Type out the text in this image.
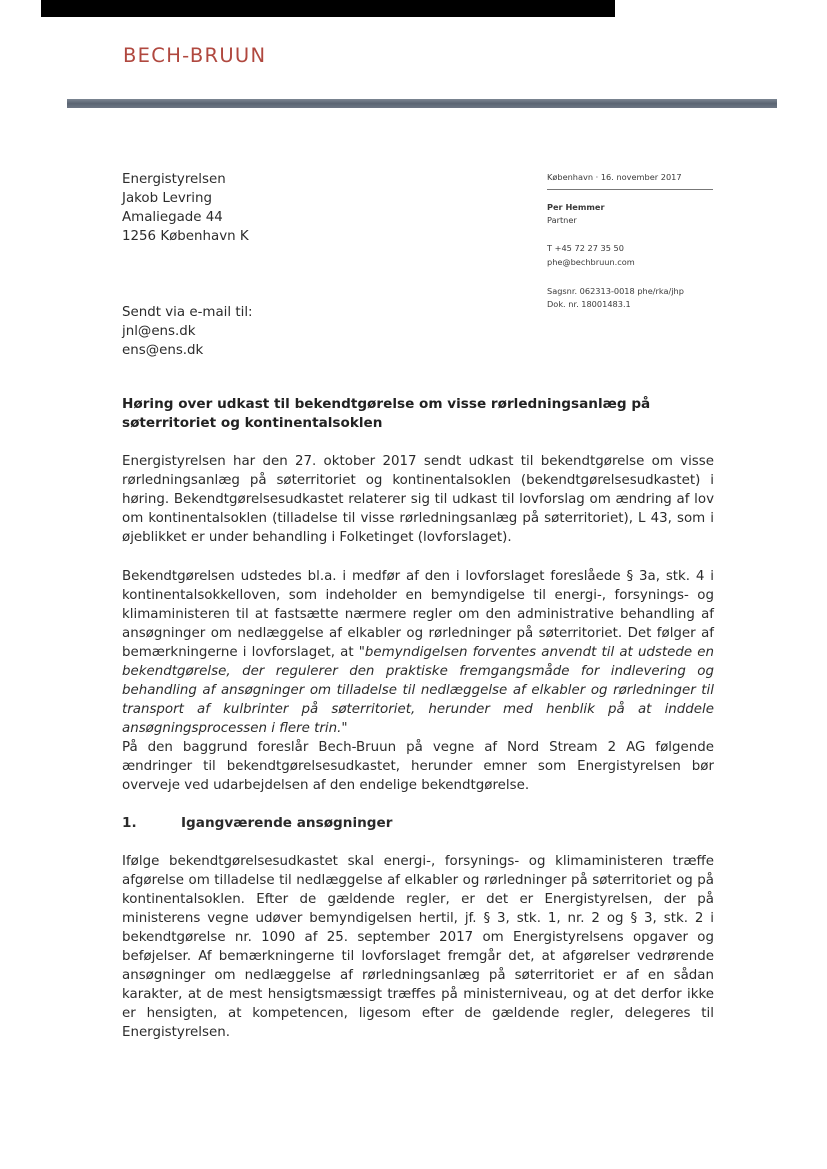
BECH-BRUUN
Energistyrelsen
Jakob Levring
Amaliegade 44
1256 København K
København · 16. november 2017
Per Hemmer
Partner
T +45 72 27 35 50
phe@bechbruun.com
Sagsnr. 062313-0018 phe/rka/jhp
Dok. nr. 18001483.1
Sendt via e-mail til:
jnl@ens.dk
ens@ens.dk
Høring over udkast til bekendtgørelse om visse rørledningsanlæg på søterritoriet og kontinentalsoklen

Energistyrelsen har den 27. oktober 2017 sendt udkast til bekendtgørelse om visse rørledningsanlæg på søterritoriet og kontinentalsoklen (bekendtgørelsesudkastet) i høring. Bekendtgørelsesudkastet relaterer sig til udkast til lovforslag om ændring af lov om kontinentalsoklen (tilladelse til visse rørledningsanlæg på søterritoriet), L 43, som i øjeblikket er under behandling i Folketinget (lovforslaget).

Bekendtgørelsen udstedes bl.a. i medfør af den i lovforslaget foreslåede § 3a, stk. 4 i kontinentalsokkelloven, som indeholder en bemyndigelse til energi-, forsynings- og klimaministeren til at fastsætte nærmere regler om den administrative behandling af ansøgninger om nedlæggelse af elkabler og rørledninger på søterritoriet. Det følger af bemærkningerne i lovforslaget, at "bemyndigelsen forventes anvendt til at udstede en bekendtgørelse, der regulerer den praktiske fremgangsmåde for indlevering og behandling af ansøgninger om tilladelse til nedlæggelse af elkabler og rørledninger til transport af kulbrinter på søterritoriet, herunder med henblik på at inddele ansøgningsprocessen i flere trin."

På den baggrund foreslår Bech-Bruun på vegne af Nord Stream 2 AG følgende ændringer til bekendtgørelsesudkastet, herunder emner som Energistyrelsen bør overveje ved udarbejdelsen af den endelige bekendtgørelse.

1.	Igangværende ansøgninger

Ifølge bekendtgørelsesudkastet skal energi-, forsynings- og klimaministeren træffe afgørelse om tilladelse til nedlæggelse af elkabler og rørledninger på søterritoriet og på kontinentalsoklen. Efter de gældende regler, er det er Energistyrelsen, der på ministerens vegne udøver bemyndigelsen hertil, jf. § 3, stk. 1, nr. 2 og § 3, stk. 2 i bekendtgørelse nr. 1090 af 25. september 2017 om Energistyrelsens opgaver og beføjelser. Af bemærkningerne til lovforslaget fremgår det, at afgørelser vedrørende ansøgninger om nedlæggelse af rørledningsanlæg på søterritoriet er af en sådan karakter, at de mest hensigtsmæssigt træffes på ministerniveau, og at det derfor ikke er hensigten, at kompetencen, ligesom efter de gældende regler, delegeres til Energistyrelsen.
